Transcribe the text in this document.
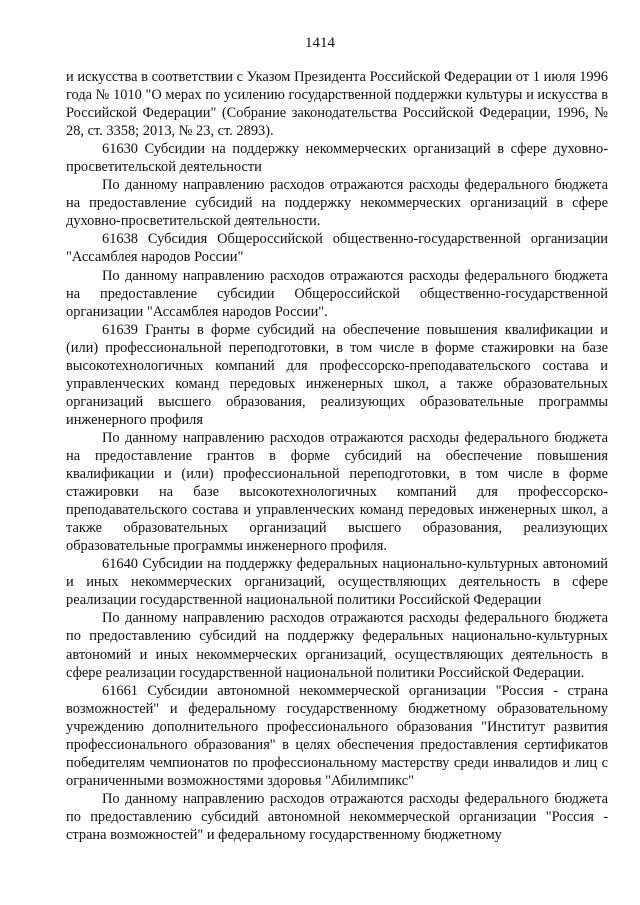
1414

и искусства в соответствии с Указом Президента Российской Федерации от 1 июля 1996 года № 1010 "О мерах по усилению государственной поддержки культуры и искусства в Российской Федерации" (Собрание законодательства Российской Федерации, 1996, № 28, ст. 3358; 2013, № 23, ст. 2893).

61630 Субсидии на поддержку некоммерческих организаций в сфере духовно-просветительской деятельности

По данному направлению расходов отражаются расходы федерального бюджета на предоставление субсидий на поддержку некоммерческих организаций в сфере духовно-просветительской деятельности.

61638 Субсидия Общероссийской общественно-государственной организации "Ассамблея народов России"

По данному направлению расходов отражаются расходы федерального бюджета на предоставление субсидии Общероссийской общественно-государственной организации "Ассамблея народов России".

61639 Гранты в форме субсидий на обеспечение повышения квалификации и (или) профессиональной переподготовки, в том числе в форме стажировки на базе высокотехнологичных компаний для профессорско-преподавательского состава и управленческих команд передовых инженерных школ, а также образовательных организаций высшего образования, реализующих образовательные программы инженерного профиля

По данному направлению расходов отражаются расходы федерального бюджета на предоставление грантов в форме субсидий на обеспечение повышения квалификации и (или) профессиональной переподготовки, в том числе в форме стажировки на базе высокотехнологичных компаний для профессорско-преподавательского состава и управленческих команд передовых инженерных школ, а также образовательных организаций высшего образования, реализующих образовательные программы инженерного профиля.

61640 Субсидии на поддержку федеральных национально-культурных автономий и иных некоммерческих организаций, осуществляющих деятельность в сфере реализации государственной национальной политики Российской Федерации

По данному направлению расходов отражаются расходы федерального бюджета по предоставлению субсидий на поддержку федеральных национально-культурных автономий и иных некоммерческих организаций, осуществляющих деятельность в сфере реализации государственной национальной политики Российской Федерации.

61661 Субсидии автономной некоммерческой организации "Россия - страна возможностей" и федеральному государственному бюджетному образовательному учреждению дополнительного профессионального образования "Институт развития профессионального образования" в целях обеспечения предоставления сертификатов победителям чемпионатов по профессиональному мастерству среди инвалидов и лиц с ограниченными возможностями здоровья "Абилимпикс"

По данному направлению расходов отражаются расходы федерального бюджета по предоставлению субсидий автономной некоммерческой организации "Россия - страна возможностей" и федеральному государственному бюджетному
